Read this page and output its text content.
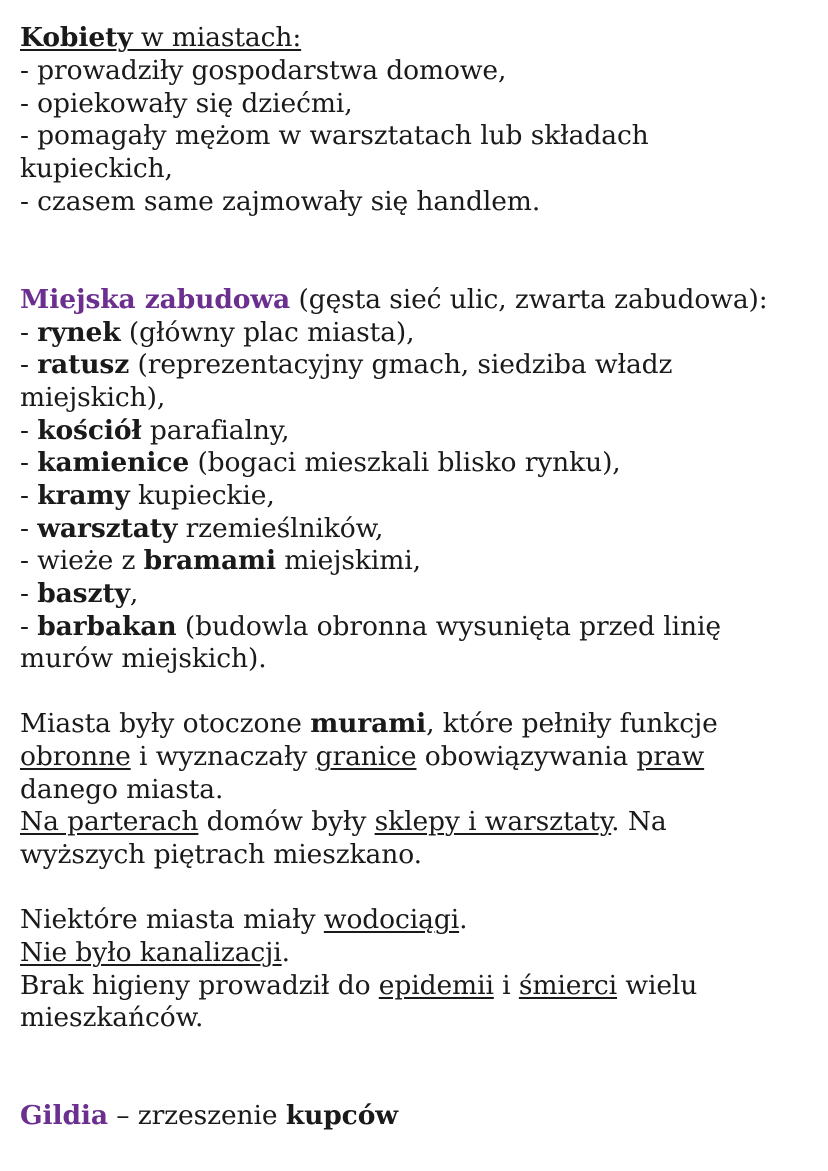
Kobiety w miastach:
- prowadziły gospodarstwa domowe,
- opiekowały się dziećmi,
- pomagały mężom w warsztatach lub składach
kupieckich,
- czasem same zajmowały się handlem.
Miejska zabudowa (gęsta sieć ulic, zwarta zabudowa):
- rynek (główny plac miasta),
- ratusz (reprezentacyjny gmach, siedziba władz
miejskich),
- kościół parafialny,
- kamienice (bogaci mieszkali blisko rynku),
- kramy kupieckie,
- warsztaty rzemieślników,
- wieże z bramami miejskimi,
- baszty,
- barbakan (budowla obronna wysunięta przed linię
murów miejskich).
Miasta były otoczone murami, które pełniły funkcje
obronne i wyznaczały granice obowiązywania praw
danego miasta.
Na parterach domów były sklepy i warsztaty. Na
wyższych piętrach mieszkano.
Niektóre miasta miały wodociągi.
Nie było kanalizacji.
Brak higieny prowadził do epidemii i śmierci wielu
mieszkańców.
Gildia – zrzeszenie kupców
